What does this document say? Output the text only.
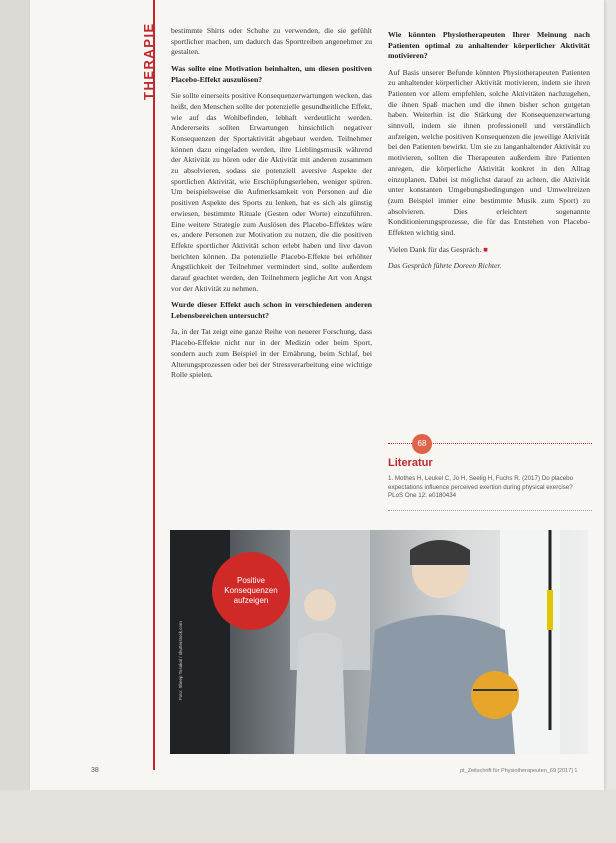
THERAPIE bestimmte Shirts oder Schuhe zu verwenden, die sie gefühlt sportlicher machen, um dadurch das Sporttreiben angenehmer zu gestalten.

Was sollte eine Motivation beinhalten, um diesen positiven Placebo-Effekt auszulösen?

Sie sollte einerseits positive Konsequenzerwartungen wecken, das heißt, den Menschen sollte der potenzielle gesundheitliche Effekt, wie auf das Wohlbefinden, lebhaft verdeutlicht werden. Andererseits sollten Erwartungen hinsichtlich negativer Konsequenzen der Sportaktivität abgebaut werden. Teilnehmer können dazu eingeladen werden, ihre Lieblingsmusik während der Aktivität zu hören oder die Aktivität mit anderen zusammen zu absolvieren, sodass sie potenziell aversive Aspekte der sportlichen Aktivität, wie Erschöpfungserleben, weniger spüren. Um beispielsweise die Aufmerksamkeit von Personen auf die positiven Aspekte des Sports zu lenken, hat es sich als günstig erwiesen, bestimmte Rituale (Gesten oder Worte) einzuführen. Eine weitere Strategie zum Auslösen des Placebo-Effektes wäre es, andere Personen zur Motivation zu nutzen, die die positiven Effekte sportlicher Aktivität schon erlebt haben und live davon berichten können. Da potenzielle Placebo-Effekte bei erhöhter Ängstlichkeit der Teilnehmer vermindert sind, sollte außerdem darauf geachtet werden, den Teilnehmern jegliche Art von Angst vor der Aktivität zu nehmen.

Wurde dieser Effekt auch schon in verschiedenen anderen Lebensbereichen untersucht?

Ja, in der Tat zeigt eine ganze Reihe von neuerer Forschung, dass Placebo-Effekte nicht nur in der Medizin oder beim Sport, sondern auch zum Beispiel in der Ernährung, beim Schlaf, bei Alterungsprozessen oder bei der Stressverarbeitung eine wichtige Rolle spielen.

Wie könnten Physiotherapeuten Ihrer Meinung nach Patienten optimal zu anhaltender körperlicher Aktivität motivieren?

Auf Basis unserer Befunde könnten Physiotherapeuten Patienten zu anhaltender körperlicher Aktivität motivieren, indem sie ihren Patienten vor allem empfehlen, solche Aktivitäten nachzugehen, die ihnen Spaß machen und die ihnen bisher schon gutgetan haben. Weiterhin ist die Stärkung der Konsequenzerwartung sinnvoll, indem sie ihnen professionell und verständlich aufzeigen, welche positiven Konsequenzen die jeweilige Aktivität bei den Patienten bewirkt. Um sie zu langanhaltender Aktivität zu motivieren, sollten die Therapeuten außerdem ihre Patienten anregen, die körperliche Aktivität konkret in den Alltag einzuplanen. Dabei ist möglichst darauf zu achten, die Aktivität unter konstanten Umgebungsbedingungen und Umweltreizen (zum Beispiel immer eine bestimmte Musik zum Sport) zu absolvieren. Dies erleichtert sogenannte Konditionierungsprozesse, die für das Entstehen von Placebo-Effekten wichtig sind.

Vielen Dank für das Gespräch. ■

Das Gespräch führte Doreen Richter.

68
Literatur
1. Mothes H, Leukel C, Jo H, Seelig H, Fuchs R. (2017) Do placebo expectations influence perceived exertion during physical exercise? PLoS One 12: e0180434
Positive Konsequenzen aufzeigen
Foto: Sheep Tosakal / shutterstock.com
38	pt_Zeitschrift für Physiotherapeuten_69 [2017] 1
